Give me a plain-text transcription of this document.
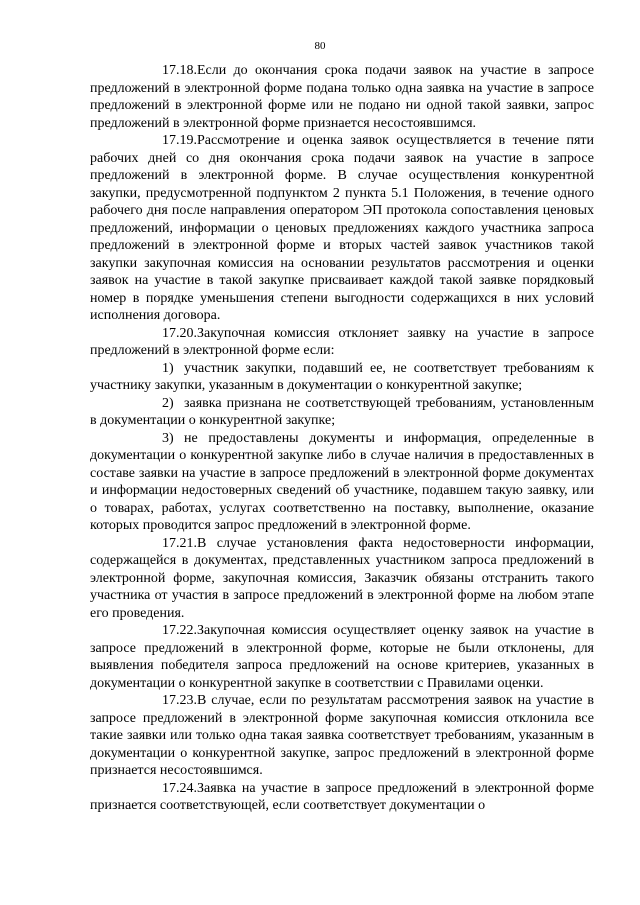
80

17.18.Если до окончания срока подачи заявок на участие в запросе предложений в электронной форме подана только одна заявка на участие в запросе предложений в электронной форме или не подано ни одной такой заявки, запрос предложений в электронной форме признается несостоявшимся.

17.19.Рассмотрение и оценка заявок осуществляется в течение пяти рабочих дней со дня окончания срока подачи заявок на участие в запросе предложений в электронной форме. В случае осуществления конкурентной закупки, предусмотренной подпунктом 2 пункта 5.1 Положения, в течение одного рабочего дня после направления оператором ЭП протокола сопоставления ценовых предложений, информации о ценовых предложениях каждого участника запроса предложений в электронной форме и вторых частей заявок участников такой закупки закупочная комиссия на основании результатов рассмотрения и оценки заявок на участие в такой закупке присваивает каждой такой заявке порядковый номер в порядке уменьшения степени выгодности содержащихся в них условий исполнения договора.

17.20.Закупочная комиссия отклоняет заявку на участие в запросе предложений в электронной форме если:

1) участник закупки, подавший ее, не соответствует требованиям к участнику закупки, указанным в документации о конкурентной закупке;

2) заявка признана не соответствующей требованиям, установленным в документации о конкурентной закупке;

3) не предоставлены документы и информация, определенные в документации о конкурентной закупке либо в случае наличия в предоставленных в составе заявки на участие в запросе предложений в электронной форме документах и информации недостоверных сведений об участнике, подавшем такую заявку, или о товарах, работах, услугах соответственно на поставку, выполнение, оказание которых проводится запрос предложений в электронной форме.

17.21.В случае установления факта недостоверности информации, содержащейся в документах, представленных участником запроса предложений в электронной форме, закупочная комиссия, Заказчик обязаны отстранить такого участника от участия в запросе предложений в электронной форме на любом этапе его проведения.

17.22.Закупочная комиссия осуществляет оценку заявок на участие в запросе предложений в электронной форме, которые не были отклонены, для выявления победителя запроса предложений на основе критериев, указанных в документации о конкурентной закупке в соответствии с Правилами оценки.

17.23.В случае, если по результатам рассмотрения заявок на участие в запросе предложений в электронной форме закупочная комиссия отклонила все такие заявки или только одна такая заявка соответствует требованиям, указанным в документации о конкурентной закупке, запрос предложений в электронной форме признается несостоявшимся.

17.24.Заявка на участие в запросе предложений в электронной форме признается соответствующей, если соответствует документации о
